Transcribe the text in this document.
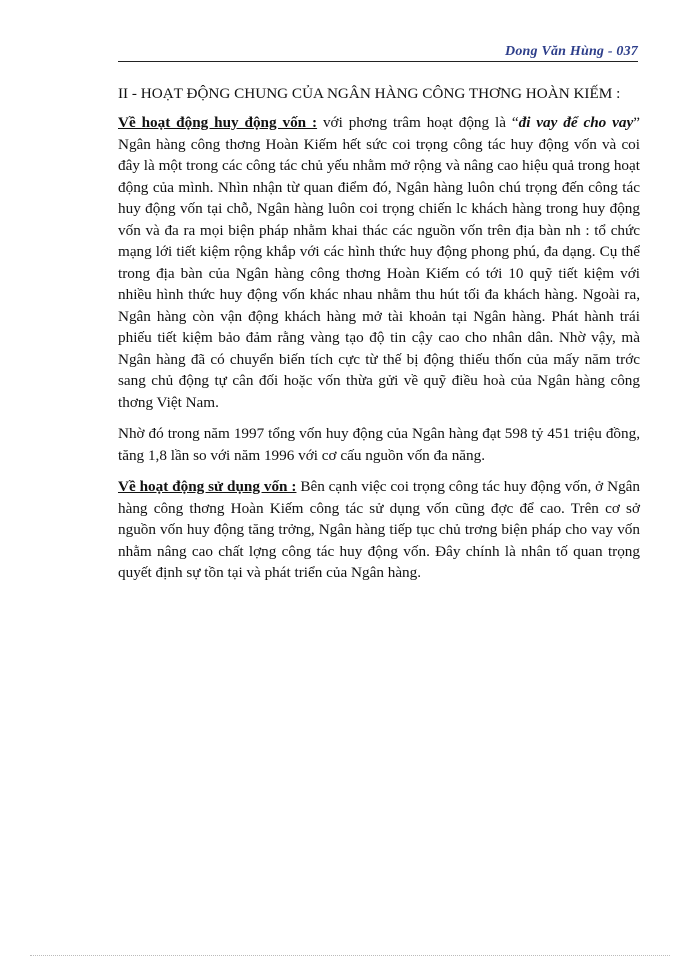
Dong Văn Hùng - 037
II - HOẠT ĐỘNG CHUNG CỦA NGÂN HÀNG CÔNG THƠNG HOÀN KIẾM :

Về hoạt động huy động vốn : với phơng trâm hoạt động là “đi vay để cho vay” Ngân hàng công thơng Hoàn Kiếm hết sức coi trọng công tác huy động vốn và coi đây là một trong các công tác chủ yếu nhằm mở rộng và nâng cao hiệu quả trong hoạt động của mình. Nhìn nhận từ quan điểm đó, Ngân hàng luôn chú trọng đến công tác huy động vốn tại chỗ, Ngân hàng luôn coi trọng chiến lc khách hàng trong huy động vốn và đa ra mọi biện pháp nhằm khai thác các nguồn vốn trên địa bàn nh : tổ chức mạng lới tiết kiệm rộng khắp với các hình thức huy động phong phú, đa dạng. Cụ thể trong địa bàn của Ngân hàng công thơng Hoàn Kiếm có tới 10 quỹ tiết kiệm với nhiều hình thức huy động vốn khác nhau nhằm thu hút tối đa khách hàng. Ngoài ra, Ngân hàng còn vận động khách hàng mở tài khoản tại Ngân hàng. Phát hành trái phiếu tiết kiệm bảo đảm rằng vàng tạo độ tin cậy cao cho nhân dân. Nhờ vậy, mà Ngân hàng đã có chuyển biến tích cực từ thế bị động thiếu thốn của mấy năm trớc sang chủ động tự cân đối hoặc vốn thừa gửi về quỹ điều hoà của Ngân hàng công thơng Việt Nam.

Nhờ đó trong năm 1997 tổng vốn huy động của Ngân hàng đạt 598 tỷ 451 triệu đồng, tăng 1,8 lần so với năm 1996 với cơ cấu nguồn vốn đa năng.

Về hoạt động sử dụng vốn : Bên cạnh việc coi trọng công tác huy động vốn, ở Ngân hàng công thơng Hoàn Kiếm công tác sử dụng vốn cũng đợc để cao. Trên cơ sở nguồn vốn huy động tăng trởng, Ngân hàng tiếp tục chủ trơng biện pháp cho vay vốn nhằm nâng cao chất lợng công tác huy động vốn. Đây chính là nhân tố quan trọng quyết định sự tồn tại và phát triển của Ngân hàng.
